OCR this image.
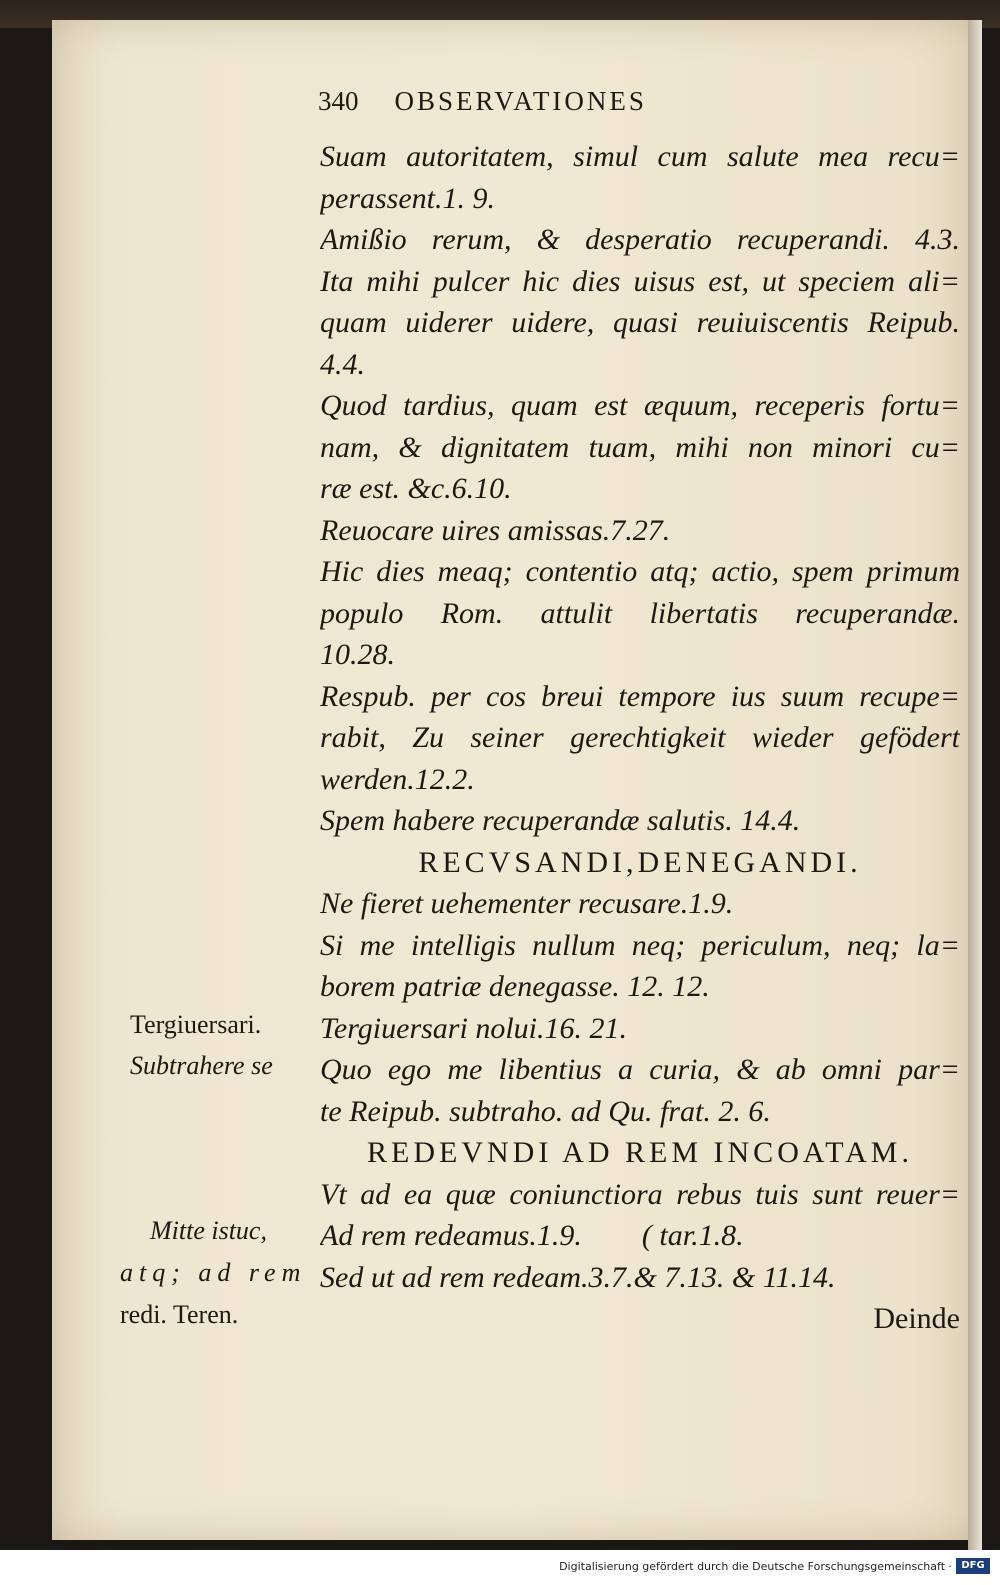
340 OBSERVATIONES
Suam autoritatem, simul cum salute mea recu=
perassent.1. 9.
Amißio rerum, & desperatio recuperandi. 4.3.
Ita mihi pulcer hic dies uisus est, ut speciem ali=
quam uiderer uidere, quasi reuiuiscentis Reipub.
4.4.
Quod tardius, quam est æquum, receperis fortu=
nam, & dignitatem tuam, mihi non minori cu=
ræ est. &c.6.10.
Reuocare uires amissas.7.27.
Hic dies meaq; contentio atq; actio, spem primum
populo Rom. attulit libertatis recuperandæ.
10.28.
Respub. per cos breui tempore ius suum recupe=
rabit, Zu seiner gerechtigkeit wieder gefödert
werden.12.2.
Spem habere recuperandæ salutis. 14.4.
RECVSANDI,DENEGANDI.
Ne fieret uehementer recusare.1.9.
Si me intelligis nullum neq; periculum, neq; la=
borem patriæ denegasse. 12. 12.
Tergiuersari nolui.16. 21.
Quo ego me libentius a curia, & ab omni par=
te Reipub. subtraho. ad Qu. frat. 2. 6.
REDEVNDI AD REM INCOATAM.
Vt ad ea quæ coniunctiora rebus tuis sunt reuer=
Ad rem redeamus.1.9.        ( tar.1.8.
Sed ut ad rem redeam.3.7.& 7.13. & 11.14.
Deinde
Tergiuersari.
Subtrahere se
Mitte istuc,
atq; ad rem
redi. Teren.
Digitalisierung gefördert durch die Deutsche Forschungsgemeinschaft · DFG
